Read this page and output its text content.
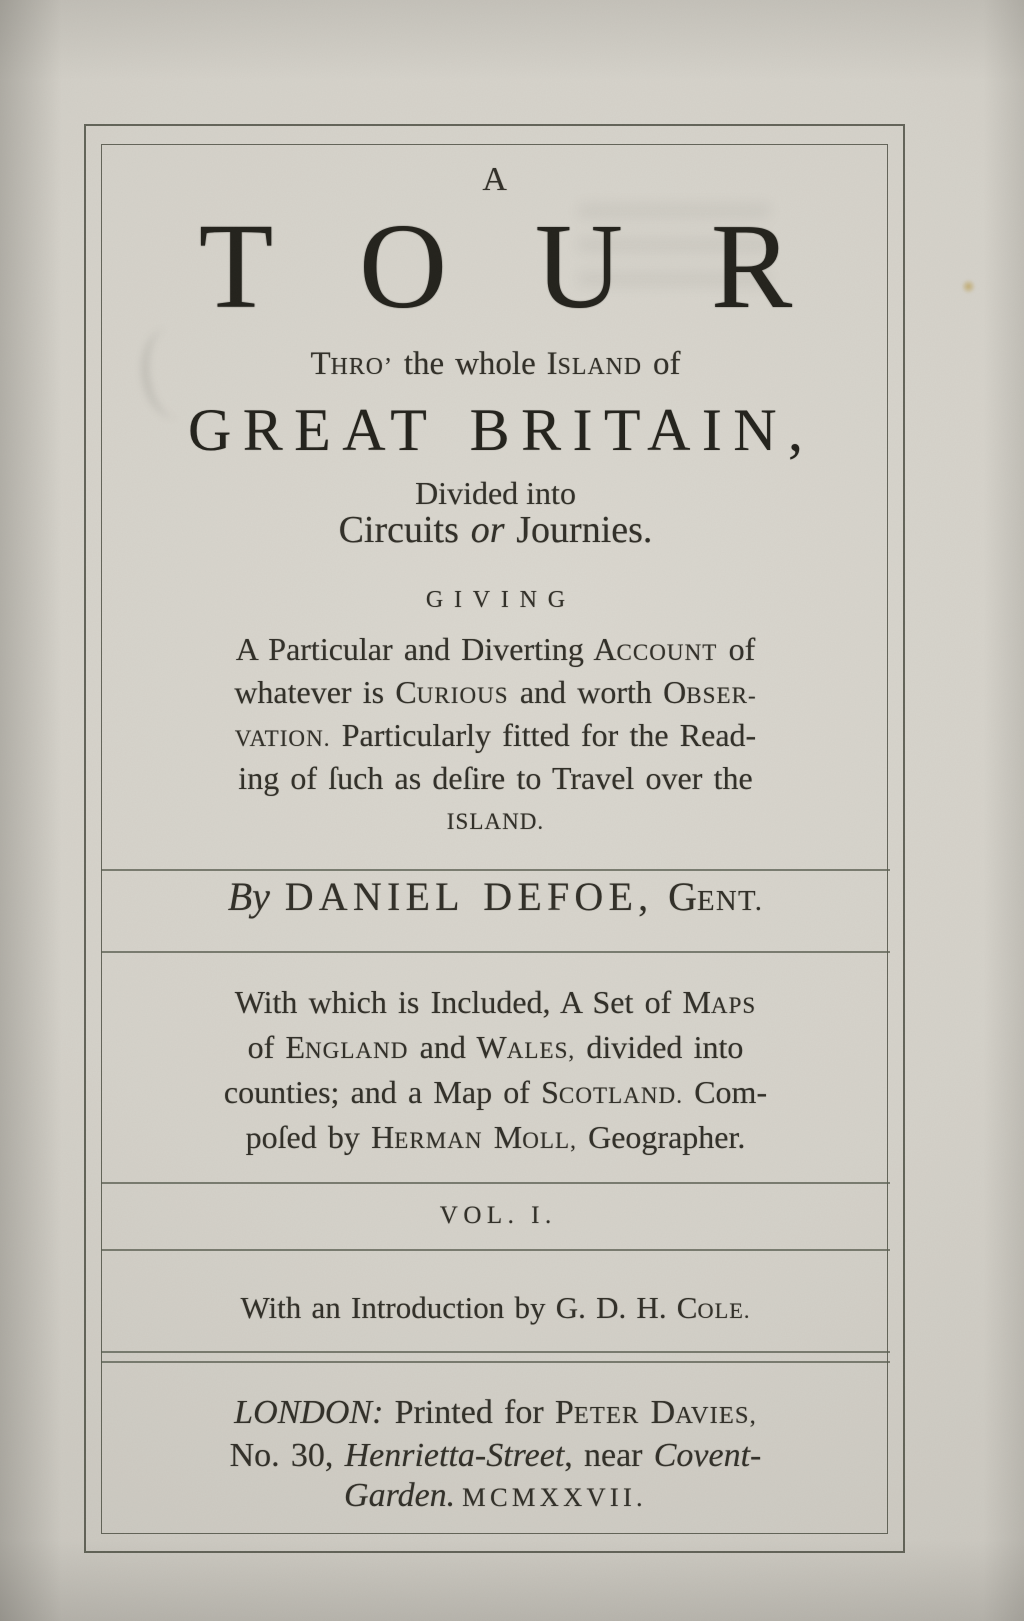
A
TOUR
THRO’ the whole ISLAND of
GREAT BRITAIN,
Divided into
Circuits or Journies.
GIVING
A Particular and Diverting ACCOUNT of
whatever is CURIOUS and worth OBSER-
VATION. Particularly fitted for the Read-
ing of ſuch as deſire to Travel over the
ISLAND.
By DANIEL DEFOE, GENT.
With which is Included, A Set of MAPS
of ENGLAND and WALES, divided into
counties; and a Map of SCOTLAND. Com-
poſed by HERMAN MOLL, Geographer.
VOL. I.
With an Introduction by G. D. H. COLE.
LONDON: Printed for PETER DAVIES,
No. 30, Henrietta-Street, near Covent-
Garden. MCMXXVII.
